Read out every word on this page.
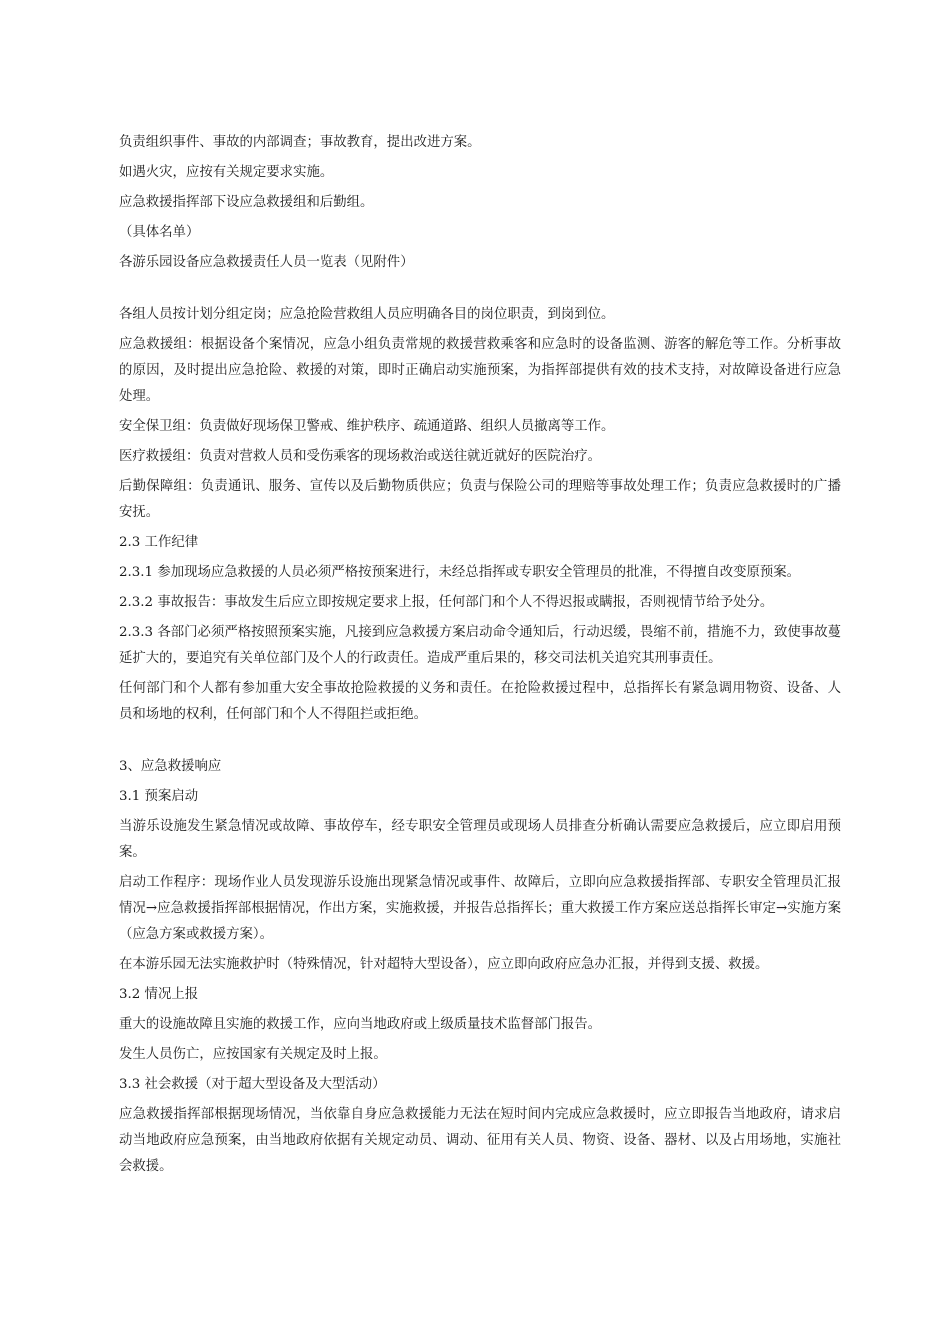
负责组织事件、事故的内部调查；事故教育，提出改进方案。

如遇火灾，应按有关规定要求实施。

应急救援指挥部下设应急救援组和后勤组。

（具体名单）

各游乐园设备应急救援责任人员一览表（见附件）

各组人员按计划分组定岗；应急抢险营救组人员应明确各目的岗位职责，到岗到位。

应急救援组：根据设备个案情况，应急小组负责常规的救援营救乘客和应急时的设备监测、游客的解危等工作。分析事故的原因，及时提出应急抢险、救援的对策，即时正确启动实施预案，为指挥部提供有效的技术支持，对故障设备进行应急处理。

安全保卫组：负责做好现场保卫警戒、维护秩序、疏通道路、组织人员撤离等工作。

医疗救援组：负责对营救人员和受伤乘客的现场救治或送往就近就好的医院治疗。

后勤保障组：负责通讯、服务、宣传以及后勤物质供应；负责与保险公司的理赔等事故处理工作；负责应急救援时的广播安抚。

2.3 工作纪律

2.3.1 参加现场应急救援的人员必须严格按预案进行，未经总指挥或专职安全管理员的批准，不得擅自改变原预案。

2.3.2 事故报告：事故发生后应立即按规定要求上报，任何部门和个人不得迟报或瞒报，否则视情节给予处分。

2.3.3 各部门必须严格按照预案实施，凡接到应急救援方案启动命令通知后，行动迟缓，畏缩不前，措施不力，致使事故蔓延扩大的，要追究有关单位部门及个人的行政责任。造成严重后果的，移交司法机关追究其刑事责任。

任何部门和个人都有参加重大安全事故抢险救援的义务和责任。在抢险救援过程中，总指挥长有紧急调用物资、设备、人员和场地的权利，任何部门和个人不得阻拦或拒绝。

3、应急救援响应

3.1 预案启动

当游乐设施发生紧急情况或故障、事故停车，经专职安全管理员或现场人员排查分析确认需要应急救援后，应立即启用预案。

启动工作程序：现场作业人员发现游乐设施出现紧急情况或事件、故障后，立即向应急救援指挥部、专职安全管理员汇报情况→应急救援指挥部根据情况，作出方案，实施救援，并报告总指挥长；重大救援工作方案应送总指挥长审定→实施方案（应急方案或救援方案）。

在本游乐园无法实施救护时（特殊情况，针对超特大型设备），应立即向政府应急办汇报，并得到支援、救援。

3.2 情况上报

重大的设施故障且实施的救援工作，应向当地政府或上级质量技术监督部门报告。

发生人员伤亡，应按国家有关规定及时上报。

3.3 社会救援（对于超大型设备及大型活动）

应急救援指挥部根据现场情况，当依靠自身应急救援能力无法在短时间内完成应急救援时，应立即报告当地政府，请求启动当地政府应急预案，由当地政府依据有关规定动员、调动、征用有关人员、物资、设备、器材、以及占用场地，实施社会救援。
